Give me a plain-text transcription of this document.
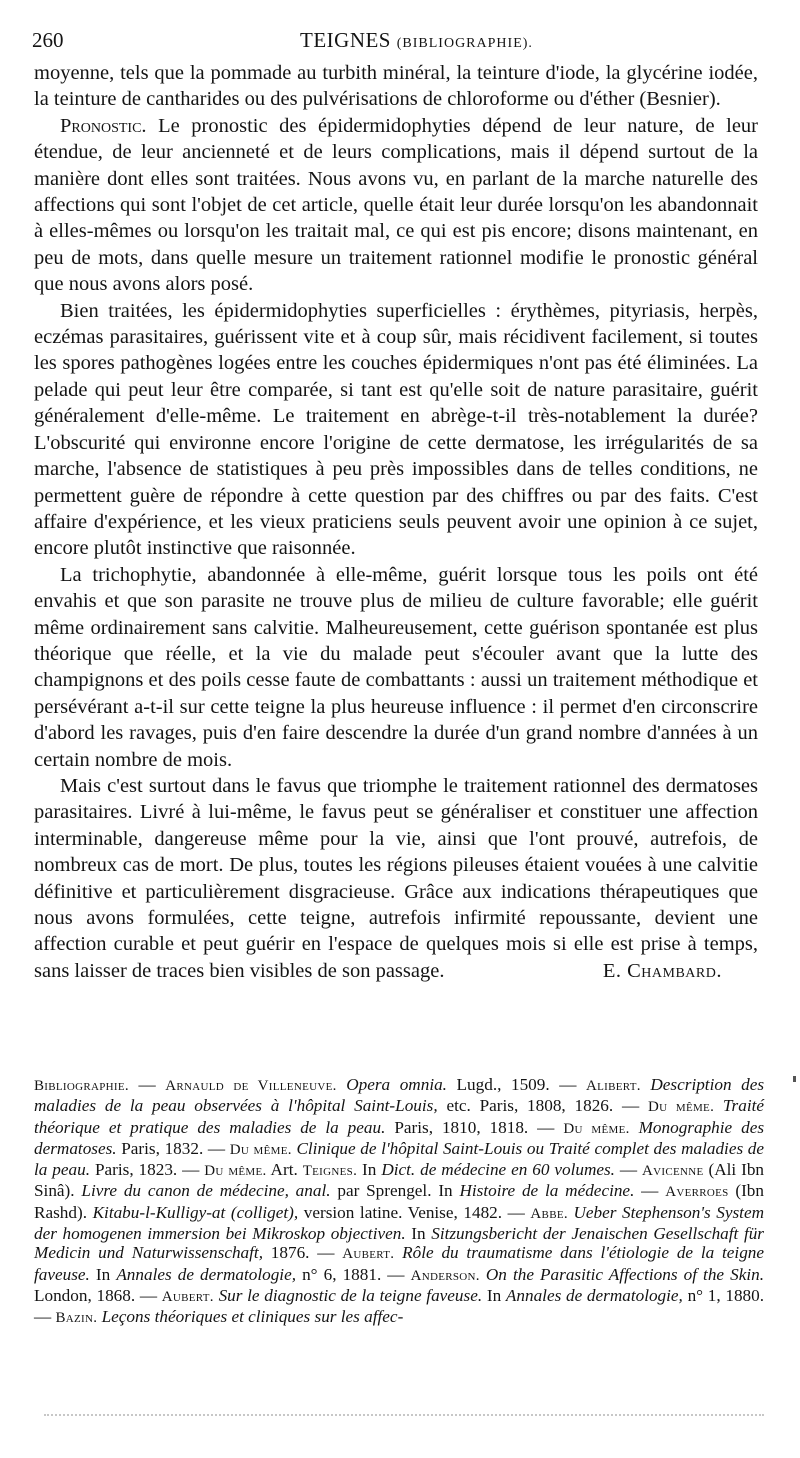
260	TEIGNES (BIBLIOGRAPHIE).

moyenne, tels que la pommade au turbith minéral, la teinture d'iode, la glycérine iodée, la teinture de cantharides ou des pulvérisations de chloroforme ou d'éther (Besnier).

Pronostic. Le pronostic des épidermidophyties dépend de leur nature, de leur étendue, de leur ancienneté et de leurs complications, mais il dépend surtout de la manière dont elles sont traitées. Nous avons vu, en parlant de la marche naturelle des affections qui sont l'objet de cet article, quelle était leur durée lorsqu'on les abandonnait à elles-mêmes ou lorsqu'on les traitait mal, ce qui est pis encore; disons maintenant, en peu de mots, dans quelle mesure un traitement rationnel modifie le pronostic général que nous avons alors posé.

Bien traitées, les épidermidophyties superficielles : érythèmes, pityriasis, herpès, eczémas parasitaires, guérissent vite et à coup sûr, mais récidivent facilement, si toutes les spores pathogènes logées entre les couches épidermiques n'ont pas été éliminées. La pelade qui peut leur être comparée, si tant est qu'elle soit de nature parasitaire, guérit généralement d'elle-même. Le traitement en abrège-t-il très-notablement la durée? L'obscurité qui environne encore l'origine de cette dermatose, les irrégularités de sa marche, l'absence de statistiques à peu près impossibles dans de telles conditions, ne permettent guère de répondre à cette question par des chiffres ou par des faits. C'est affaire d'expérience, et les vieux praticiens seuls peuvent avoir une opinion à ce sujet, encore plutôt instinctive que raisonnée.

La trichophytie, abandonnée à elle-même, guérit lorsque tous les poils ont été envahis et que son parasite ne trouve plus de milieu de culture favorable; elle guérit même ordinairement sans calvitie. Malheureusement, cette guérison spontanée est plus théorique que réelle, et la vie du malade peut s'écouler avant que la lutte des champignons et des poils cesse faute de combattants : aussi un traitement méthodique et persévérant a-t-il sur cette teigne la plus heureuse influence : il permet d'en circonscrire d'abord les ravages, puis d'en faire descendre la durée d'un grand nombre d'années à un certain nombre de mois.

Mais c'est surtout dans le favus que triomphe le traitement rationnel des dermatoses parasitaires. Livré à lui-même, le favus peut se généraliser et constituer une affection interminable, dangereuse même pour la vie, ainsi que l'ont prouvé, autrefois, de nombreux cas de mort. De plus, toutes les régions pileuses étaient vouées à une calvitie définitive et particulièrement disgracieuse. Grâce aux indications thérapeutiques que nous avons formulées, cette teigne, autrefois infirmité repoussante, devient une affection curable et peut guérir en l'espace de quelques mois si elle est prise à temps, sans laisser de traces bien visibles de son passage.	E. Chambard.

Bibliographie. — Arnauld de Villeneuve. Opera omnia. Lugd., 1509. — Alibert. Description des maladies de la peau observées à l'hôpital Saint-Louis, etc. Paris, 1808, 1826. — Du même. Traité théorique et pratique des maladies de la peau. Paris, 1810, 1818. — Du même. Monographie des dermatoses. Paris, 1832. — Du même. Clinique de l'hôpital Saint-Louis ou Traité complet des maladies de la peau. Paris, 1823. — Du même. Art. Teignes. In Dict. de médecine en 60 volumes. — Avicenne (Ali Ibn Sinâ). Livre du canon de médecine, anal. par Sprengel. In Histoire de la médecine. — Averroes (Ibn Rashd). Kitabu-l-Kulligy-at (colliget), version latine. Venise, 1482. — Abbe. Ueber Stephenson's System der homogenen immersion bei Mikroskop objectiven. In Sitzungsbericht der Jenaischen Gesellschaft für Medicin und Naturwissenschaft, 1876. — Aubert. Rôle du traumatisme dans l'étiologie de la teigne faveuse. In Annales de dermatologie, n° 6, 1881. — Anderson. On the Parasitic Affections of the Skin. London, 1868. — Aubert. Sur le diagnostic de la teigne faveuse. In Annales de dermatologie, n° 1, 1880. — Bazin. Leçons théoriques et cliniques sur les affec-
